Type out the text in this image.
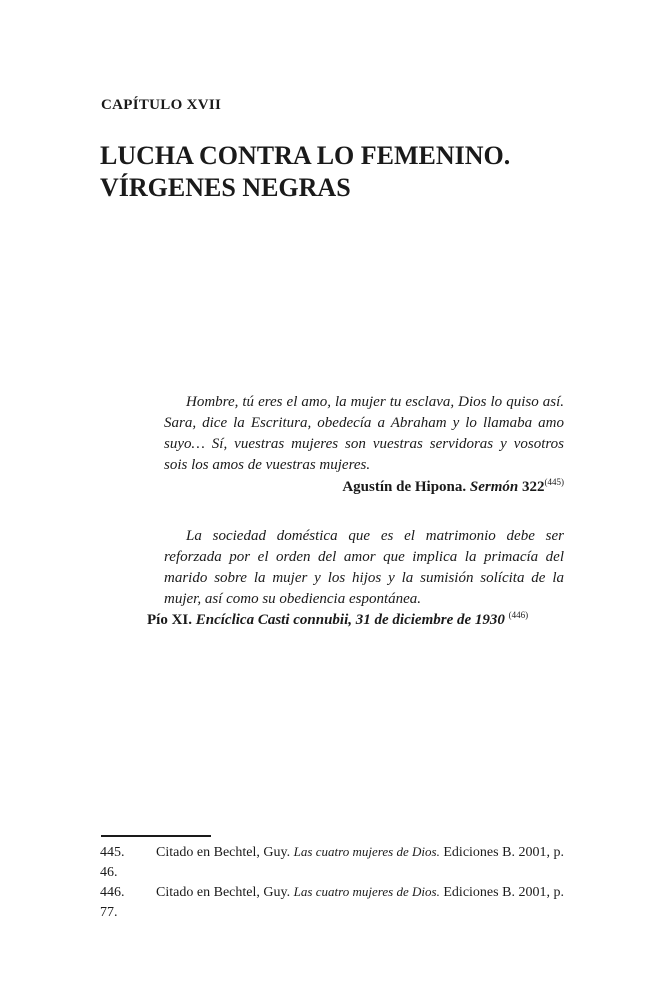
CAPÍTULO XVII
LUCHA CONTRA LO FEMENINO.
VÍRGENES NEGRAS

Hombre, tú eres el amo, la mujer tu esclava, Dios lo quiso así. Sara, dice la Escritura, obedecía a Abraham y lo llamaba amo suyo… Sí, vuestras mujeres son vuestras servidoras y vosotros sois los amos de vuestras mujeres.

Agustín de Hipona. Sermón 322$^{(445)}$

La sociedad doméstica que es el matrimonio debe ser reforzada por el orden del amor que implica la primacía del marido sobre la mujer y los hijos y la sumisión solícita de la mujer, así como su obediencia espontánea.

Pío XI. Encíclica Casti connubii, 31 de diciembre de 1930 $^{(446)}$

445. Citado en Bechtel, Guy. Las cuatro mujeres de Dios. Ediciones B. 2001, p. 46.

446. Citado en Bechtel, Guy. Las cuatro mujeres de Dios. Ediciones B. 2001, p. 77.
